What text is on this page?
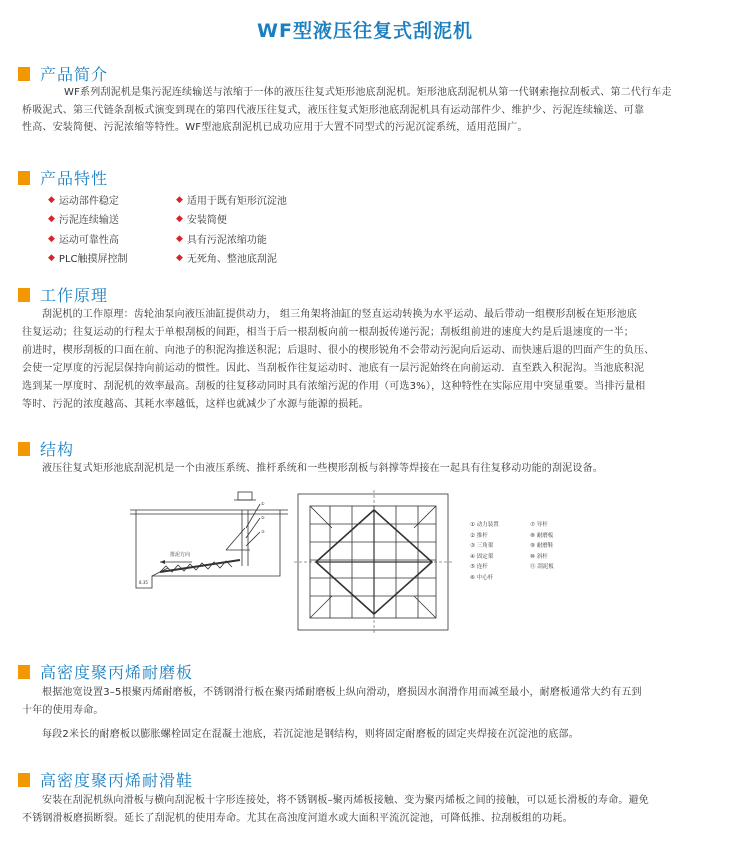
WF型液压往复式刮泥机
产品简介
WF系列刮泥机是集污泥连续输送与浓缩于一体的液压往复式矩形池底刮泥机。矩形池底刮泥机从第一代钢索拖拉刮板式、第二代行车走
桥吸泥式、第三代链条刮板式演变到现在的第四代液压往复式，液压往复式矩形池底刮泥机具有运动部件少、维护少、污泥连续输送、可靠
性高、安装简便、污泥浓缩等特性。WF型池底刮泥机已成功应用于大置不同型式的污泥沉淀系统，适用范围广。
产品特性
◆ 运动部件稳定	◆ 适用于既有矩形沉淀池
◆ 污泥连续输送	◆ 安装简便
◆ 运动可靠性高	◆ 具有污泥浓缩功能
◆ PLC触摸屏控制	◆ 无死角、整池底刮泥
工作原理
刮泥机的工作原理：齿轮油泵向液压油缸提供动力， 组三角架将油缸的竖直运动转换为水平运动、最后带动一组楔形刮板在矩形池底
往复运动；往复运动的行程太于单根刮板的间距，相当于后一根刮板向前一根刮扳传递污泥；刮板组前进的速度大约是后退速度的一半；
前进时，楔形刮板的口面在前、向池子的积泥沟推送积泥；后退时、很小的楔形锐角不会带动污泥向后运动、而快速后退的凹面产生的负压、
会使一定厚度的污泥层保持向前运动的惯性。因此、当刮板作往复运动时、池底有一层污泥始终在向前运动．直至跌入积泥沟。当池底积泥
选到某一厚度时、刮泥机的效率最高。刮板的往复移动同时具有浓缩污泥的作用（可选3%），这种特性在实际应用中突显重要。当排污量相
等时、污泥的浓度越高、其耗水率越低，这样也就减少了水源与能源的损耗。
结构
液压往复式矩形池底刮泥机是一个由液压系统、推杆系统和一些楔形刮板与斜撑等焊接在一起具有往复移动功能的刮泥设备。
排泥方向
8.35
①
②
③
① 动力装置
② 推杆
③ 三角架
④ 固定架
⑤ 连杆
⑥ 中心杆
⑦ 导杆
⑧ 耐磨板
⑨ 耐磨鞋
⑩ 斜杆
⑪ 刮泥板
高密度聚丙烯耐磨板
根据池宽设置3–5根聚丙烯耐磨板，不锈钢滑行板在聚丙烯耐磨板上纵向滑动，磨损因水润滑作用而减至最小，耐磨板通常大约有五到
十年的使用寿命。
每段2米长的耐磨板以膨胀螺栓固定在混凝土池底，若沉淀池是钢结构，则将固定耐磨板的固定夹焊接在沉淀池的底部。
高密度聚丙烯耐滑鞋
安装在刮泥机纵向滑板与横向刮泥板十字形连接处，将不锈钢板–聚丙烯板接触、变为聚丙烯板之间的接触，可以延长滑板的寿命。避免
不锈钢滑板磨损断裂。延长了刮泥机的使用寿命。尤其在高浊度河道水或大面积平流沉淀池，可降低推、拉刮板组的功耗。
